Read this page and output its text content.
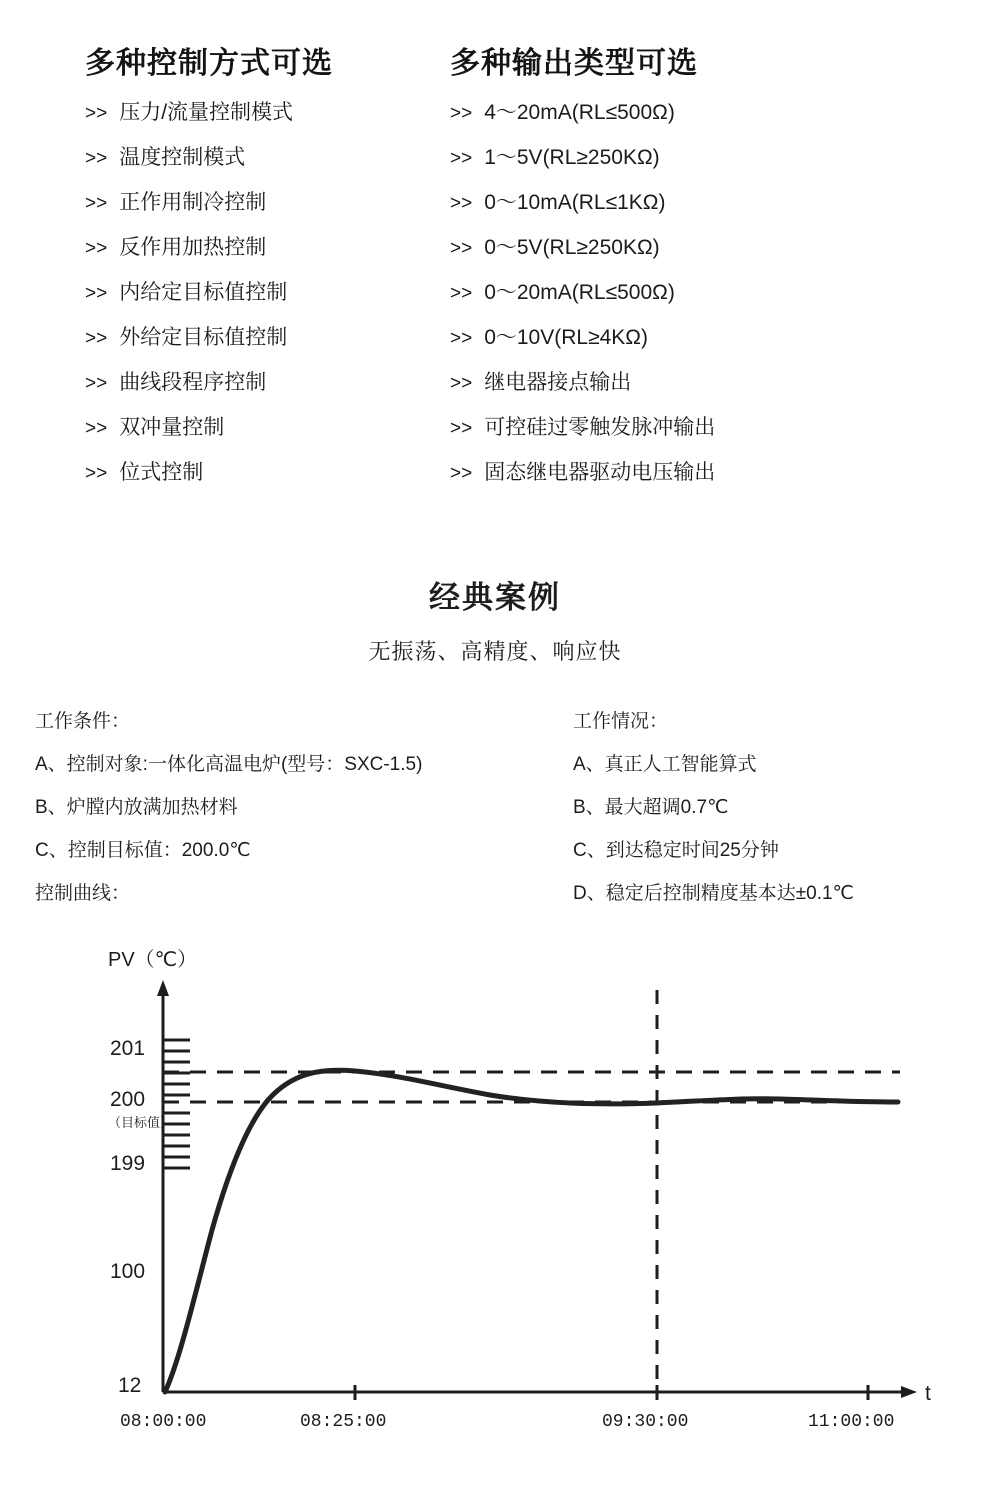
多种控制方式可选
>> 压力/流量控制模式
>> 温度控制模式
>> 正作用制冷控制
>> 反作用加热控制
>> 内给定目标值控制
>> 外给定目标值控制
>> 曲线段程序控制
>> 双冲量控制
>> 位式控制
多种输出类型可选
>> 4～20mA(RL≤500Ω)
>> 1～5V(RL≥250KΩ)
>> 0～10mA(RL≤1KΩ)
>> 0～5V(RL≥250KΩ)
>> 0～20mA(RL≤500Ω)
>> 0～10V(RL≥4KΩ)
>> 继电器接点输出
>> 可控硅过零触发脉冲输出
>> 固态继电器驱动电压输出
经典案例

无振荡、高精度、响应快

工作条件：
A、控制对象:一体化高温电炉(型号：SXC-1.5)
B、炉膛内放满加热材料
C、控制目标值：200.0℃
控制曲线：
工作情况：
A、真正人工智能算式
B、最大超调0.7℃
C、到达稳定时间25分钟
D、稳定后控制精度基本达±0.1℃
PV（℃）
t
201
200
（目标值）
199
100
12
08:00:00	08:25:00	09:30:00	11:00:00
